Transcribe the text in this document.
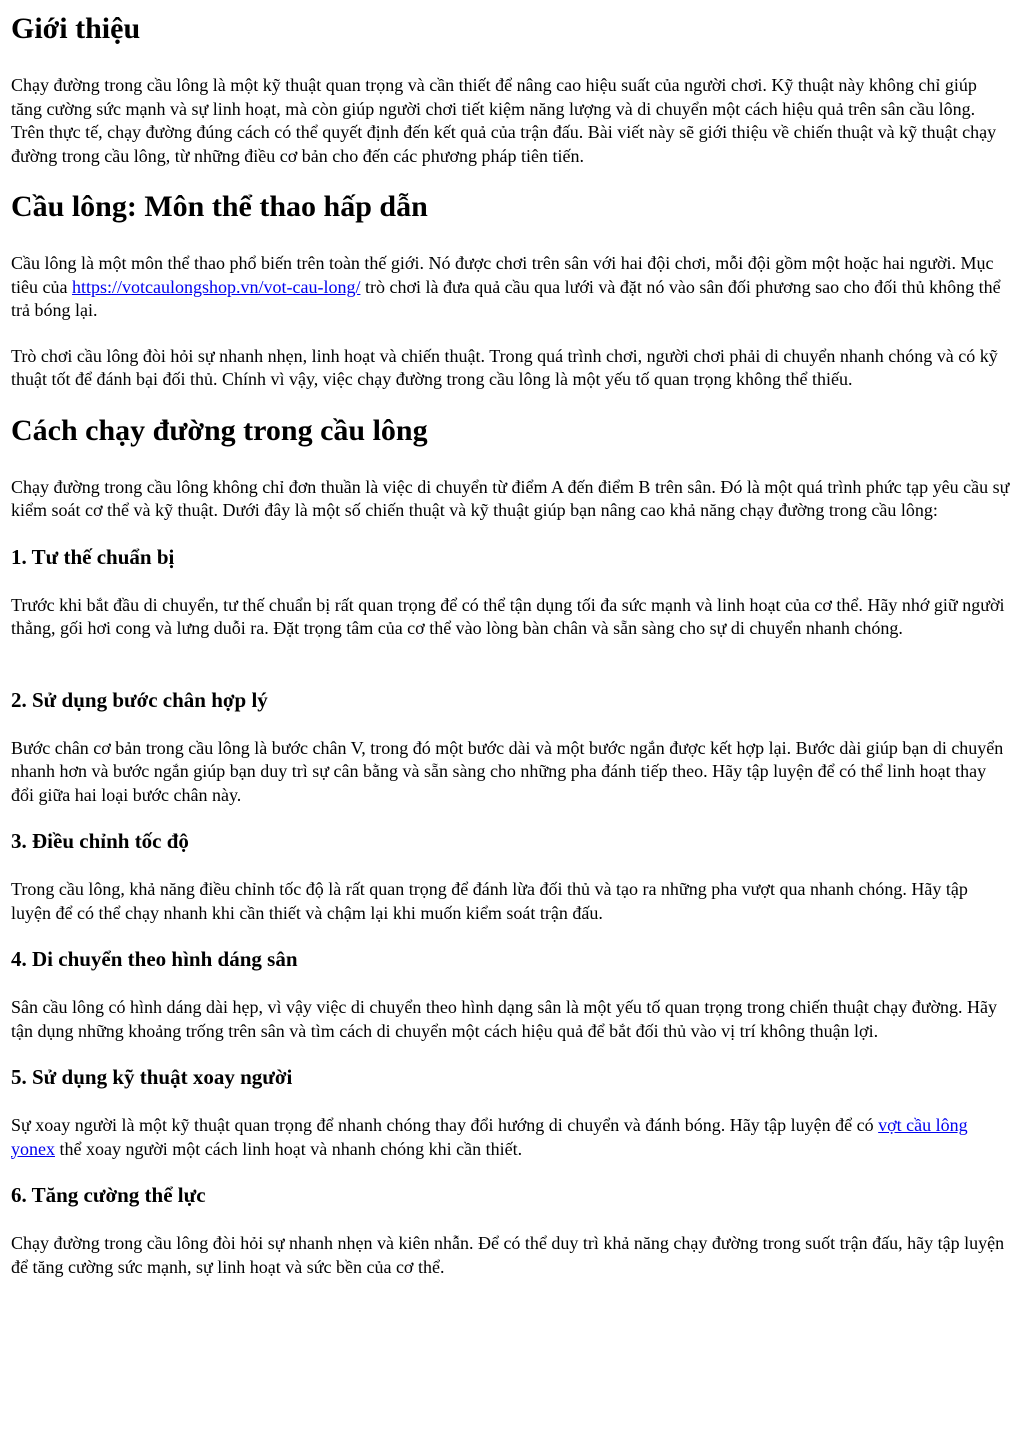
Giới thiệu

Chạy đường trong cầu lông là một kỹ thuật quan trọng và cần thiết để nâng cao hiệu suất của người chơi. Kỹ thuật này không chỉ giúp tăng cường sức mạnh và sự linh hoạt, mà còn giúp người chơi tiết kiệm năng lượng và di chuyển một cách hiệu quả trên sân cầu lông. Trên thực tế, chạy đường đúng cách có thể quyết định đến kết quả của trận đấu. Bài viết này sẽ giới thiệu về chiến thuật và kỹ thuật chạy đường trong cầu lông, từ những điều cơ bản cho đến các phương pháp tiên tiến.

Cầu lông: Môn thể thao hấp dẫn

Cầu lông là một môn thể thao phổ biến trên toàn thế giới. Nó được chơi trên sân với hai đội chơi, mỗi đội gồm một hoặc hai người. Mục tiêu của https://votcaulongshop.vn/vot-cau-long/ trò chơi là đưa quả cầu qua lưới và đặt nó vào sân đối phương sao cho đối thủ không thể trả bóng lại.

Trò chơi cầu lông đòi hỏi sự nhanh nhẹn, linh hoạt và chiến thuật. Trong quá trình chơi, người chơi phải di chuyển nhanh chóng và có kỹ thuật tốt để đánh bại đối thủ. Chính vì vậy, việc chạy đường trong cầu lông là một yếu tố quan trọng không thể thiếu.

Cách chạy đường trong cầu lông

Chạy đường trong cầu lông không chỉ đơn thuần là việc di chuyển từ điểm A đến điểm B trên sân. Đó là một quá trình phức tạp yêu cầu sự kiểm soát cơ thể và kỹ thuật. Dưới đây là một số chiến thuật và kỹ thuật giúp bạn nâng cao khả năng chạy đường trong cầu lông:

1. Tư thế chuẩn bị

Trước khi bắt đầu di chuyển, tư thế chuẩn bị rất quan trọng để có thể tận dụng tối đa sức mạnh và linh hoạt của cơ thể. Hãy nhớ giữ người thẳng, gối hơi cong và lưng duỗi ra. Đặt trọng tâm của cơ thể vào lòng bàn chân và sẵn sàng cho sự di chuyển nhanh chóng.

2. Sử dụng bước chân hợp lý

Bước chân cơ bản trong cầu lông là bước chân V, trong đó một bước dài và một bước ngắn được kết hợp lại. Bước dài giúp bạn di chuyển nhanh hơn và bước ngắn giúp bạn duy trì sự cân bằng và sẵn sàng cho những pha đánh tiếp theo. Hãy tập luyện để có thể linh hoạt thay đổi giữa hai loại bước chân này.

3. Điều chỉnh tốc độ

Trong cầu lông, khả năng điều chỉnh tốc độ là rất quan trọng để đánh lừa đối thủ và tạo ra những pha vượt qua nhanh chóng. Hãy tập luyện để có thể chạy nhanh khi cần thiết và chậm lại khi muốn kiểm soát trận đấu.

4. Di chuyển theo hình dáng sân

Sân cầu lông có hình dáng dài hẹp, vì vậy việc di chuyển theo hình dạng sân là một yếu tố quan trọng trong chiến thuật chạy đường. Hãy tận dụng những khoảng trống trên sân và tìm cách di chuyển một cách hiệu quả để bắt đối thủ vào vị trí không thuận lợi.

5. Sử dụng kỹ thuật xoay người

Sự xoay người là một kỹ thuật quan trọng để nhanh chóng thay đổi hướng di chuyển và đánh bóng. Hãy tập luyện để có vợt cầu lông yonex thể xoay người một cách linh hoạt và nhanh chóng khi cần thiết.

6. Tăng cường thể lực

Chạy đường trong cầu lông đòi hỏi sự nhanh nhẹn và kiên nhẫn. Để có thể duy trì khả năng chạy đường trong suốt trận đấu, hãy tập luyện để tăng cường sức mạnh, sự linh hoạt và sức bền của cơ thể.
